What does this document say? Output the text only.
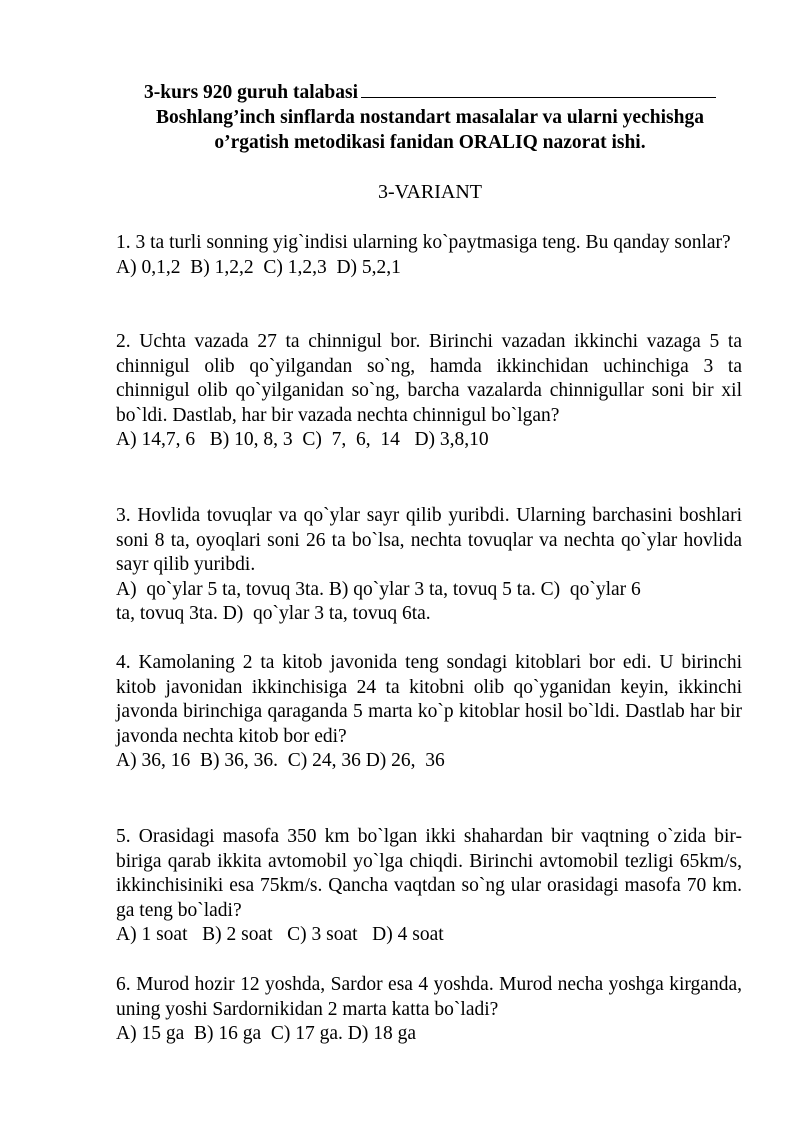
3-kurs 920 guruh talabasi
Boshlang’inch sinflarda nostandart masalalar va ularni yechishga
o’rgatish metodikasi fanidan ORALIQ nazorat ishi.
3-VARIANT
1. 3 ta turli sonning yig`indisi ularning ko`paytmasiga teng. Bu qanday sonlar?
A) 0,1,2  B) 1,2,2  C) 1,2,3  D) 5,2,1
2. Uchta vazada 27 ta chinnigul bor. Birinchi vazadan ikkinchi vazaga 5 ta chinnigul olib qo`yilgandan so`ng, hamda ikkinchidan uchinchiga 3 ta chinnigul olib qo`yilganidan so`ng, barcha vazalarda chinnigullar soni bir xil bo`ldi. Dastlab, har bir vazada nechta chinnigul bo`lgan?
A) 14,7, 6   B) 10, 8, 3  C)  7,  6,  14   D) 3,8,10
3. Hovlida tovuqlar va qo`ylar sayr qilib yuribdi. Ularning barchasini boshlari soni 8 ta, oyoqlari soni 26 ta bo`lsa, nechta tovuqlar va nechta qo`ylar hovlida sayr qilib yuribdi.
A)  qo`ylar 5 ta, tovuq 3ta. B) qo`ylar 3 ta, tovuq 5 ta. C)  qo`ylar 6
ta, tovuq 3ta. D)  qo`ylar 3 ta, tovuq 6ta.
4. Kamolaning 2 ta kitob javonida teng sondagi kitoblari bor edi. U birinchi kitob javonidan ikkinchisiga 24 ta kitobni olib qo`yganidan keyin, ikkinchi javonda birinchiga qaraganda 5 marta ko`p kitoblar hosil bo`ldi. Dastlab har bir javonda nechta kitob bor edi?
A) 36, 16  B) 36, 36.  C) 24, 36 D) 26,  36
5. Orasidagi masofa 350 km bo`lgan ikki shahardan bir vaqtning o`zida bir-biriga qarab ikkita avtomobil yo`lga chiqdi. Birinchi avtomobil tezligi 65km/s, ikkinchisiniki esa 75km/s. Qancha vaqtdan so`ng ular orasidagi masofa 70 km. ga teng bo`ladi?
A) 1 soat   B) 2 soat   C) 3 soat   D) 4 soat
6. Murod hozir 12 yoshda, Sardor esa 4 yoshda. Murod necha yoshga kirganda, uning yoshi Sardornikidan 2 marta katta bo`ladi?
A) 15 ga  B) 16 ga  C) 17 ga. D) 18 ga
